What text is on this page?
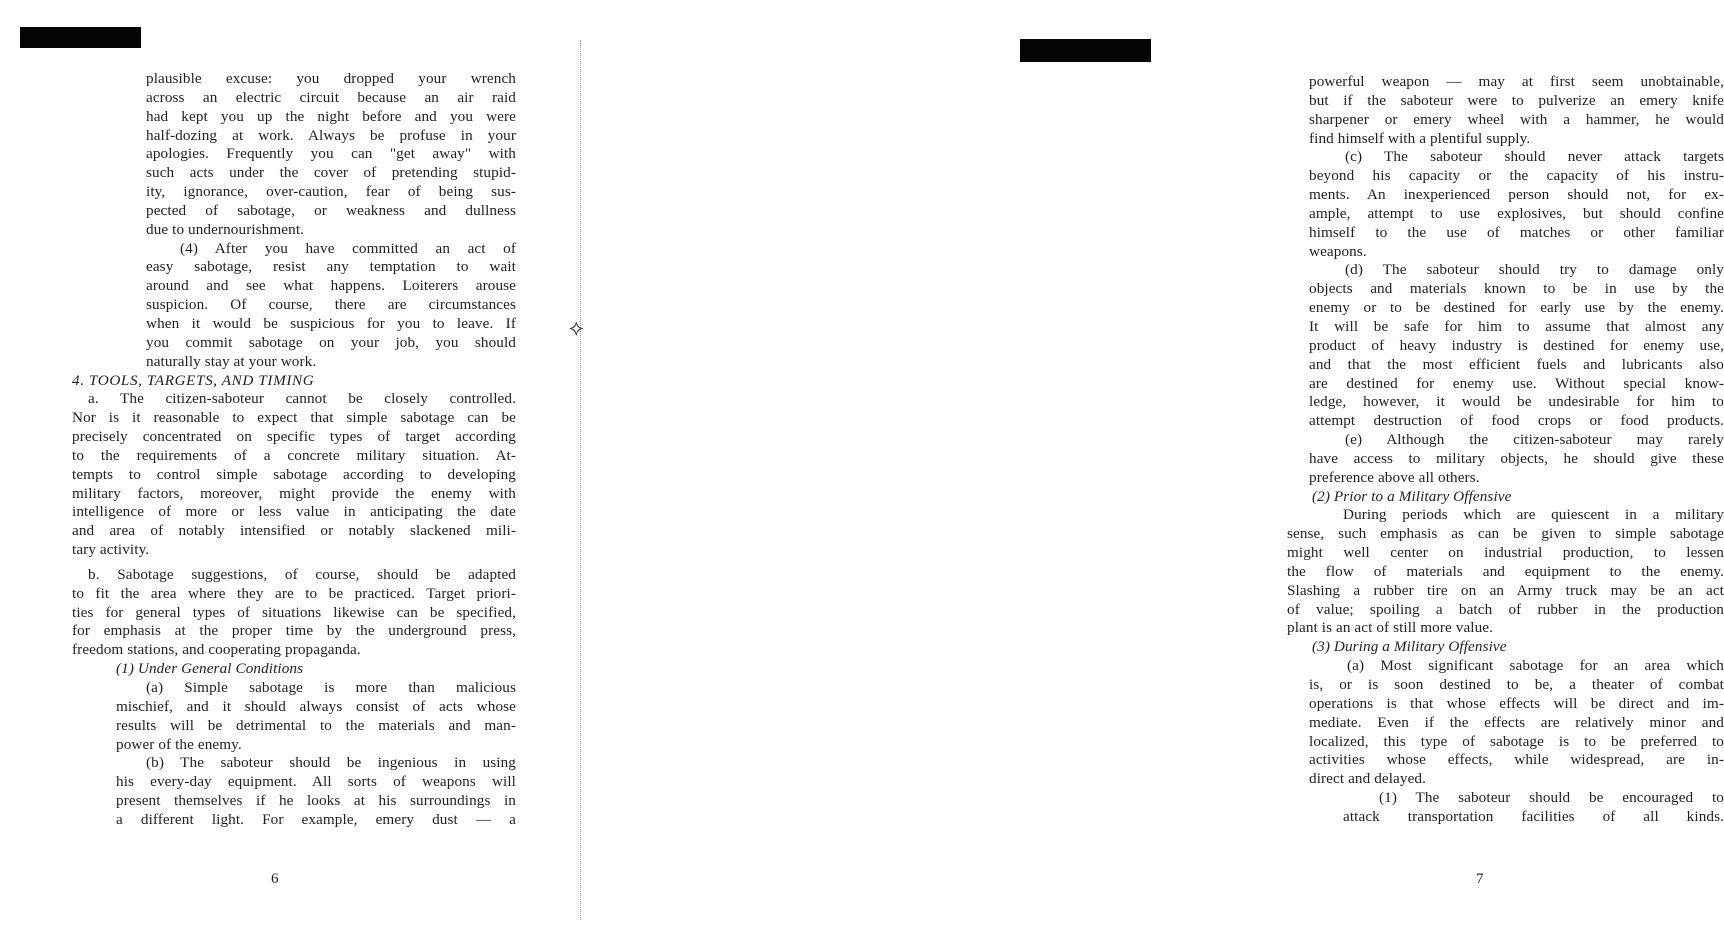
⟡
plausible excuse: you dropped your wrench
across an electric circuit because an air raid
had kept you up the night before and you were
half-dozing at work. Always be profuse in your
apologies. Frequently you can "get away" with
such acts under the cover of pretending stupid-
ity, ignorance, over-caution, fear of being sus-
pected of sabotage, or weakness and dullness
due to undernourishment.
(4) After you have committed an act of
easy sabotage, resist any temptation to wait
around and see what happens. Loiterers arouse
suspicion. Of course, there are circumstances
when it would be suspicious for you to leave. If
you commit sabotage on your job, you should
naturally stay at your work.
4. TOOLS, TARGETS, AND TIMING
a. The citizen-saboteur cannot be closely controlled.
Nor is it reasonable to expect that simple sabotage can be
precisely concentrated on specific types of target according
to the requirements of a concrete military situation. At-
tempts to control simple sabotage according to developing
military factors, moreover, might provide the enemy with
intelligence of more or less value in anticipating the date
and area of notably intensified or notably slackened mili-
tary activity.
b. Sabotage suggestions, of course, should be adapted
to fit the area where they are to be practiced. Target priori-
ties for general types of situations likewise can be specified,
for emphasis at the proper time by the underground press,
freedom stations, and cooperating propaganda.
(1) Under General Conditions
(a) Simple sabotage is more than malicious
mischief, and it should always consist of acts whose
results will be detrimental to the materials and man-
power of the enemy.
(b) The saboteur should be ingenious in using
his every-day equipment. All sorts of weapons will
present themselves if he looks at his surroundings in
a different light. For example, emery dust — a
6
powerful weapon — may at first seem unobtainable,
but if the saboteur were to pulverize an emery knife
sharpener or emery wheel with a hammer, he would
find himself with a plentiful supply.
(c) The saboteur should never attack targets
beyond his capacity or the capacity of his instru-
ments. An inexperienced person should not, for ex-
ample, attempt to use explosives, but should confine
himself to the use of matches or other familiar
weapons.
(d) The saboteur should try to damage only
objects and materials known to be in use by the
enemy or to be destined for early use by the enemy.
It will be safe for him to assume that almost any
product of heavy industry is destined for enemy use,
and that the most efficient fuels and lubricants also
are destined for enemy use. Without special know-
ledge, however, it would be undesirable for him to
attempt destruction of food crops or food products.
(e) Although the citizen-saboteur may rarely
have access to military objects, he should give these
preference above all others.
(2) Prior to a Military Offensive
During periods which are quiescent in a military
sense, such emphasis as can be given to simple sabotage
might well center on industrial production, to lessen
the flow of materials and equipment to the enemy.
Slashing a rubber tire on an Army truck may be an act
of value; spoiling a batch of rubber in the production
plant is an act of still more value.
(3) During a Military Offensive
(a) Most significant sabotage for an area which
is, or is soon destined to be, a theater of combat
operations is that whose effects will be direct and im-
mediate. Even if the effects are relatively minor and
localized, this type of sabotage is to be preferred to
activities whose effects, while widespread, are in-
direct and delayed.
(1) The saboteur should be encouraged to
attack transportation facilities of all kinds.
7
